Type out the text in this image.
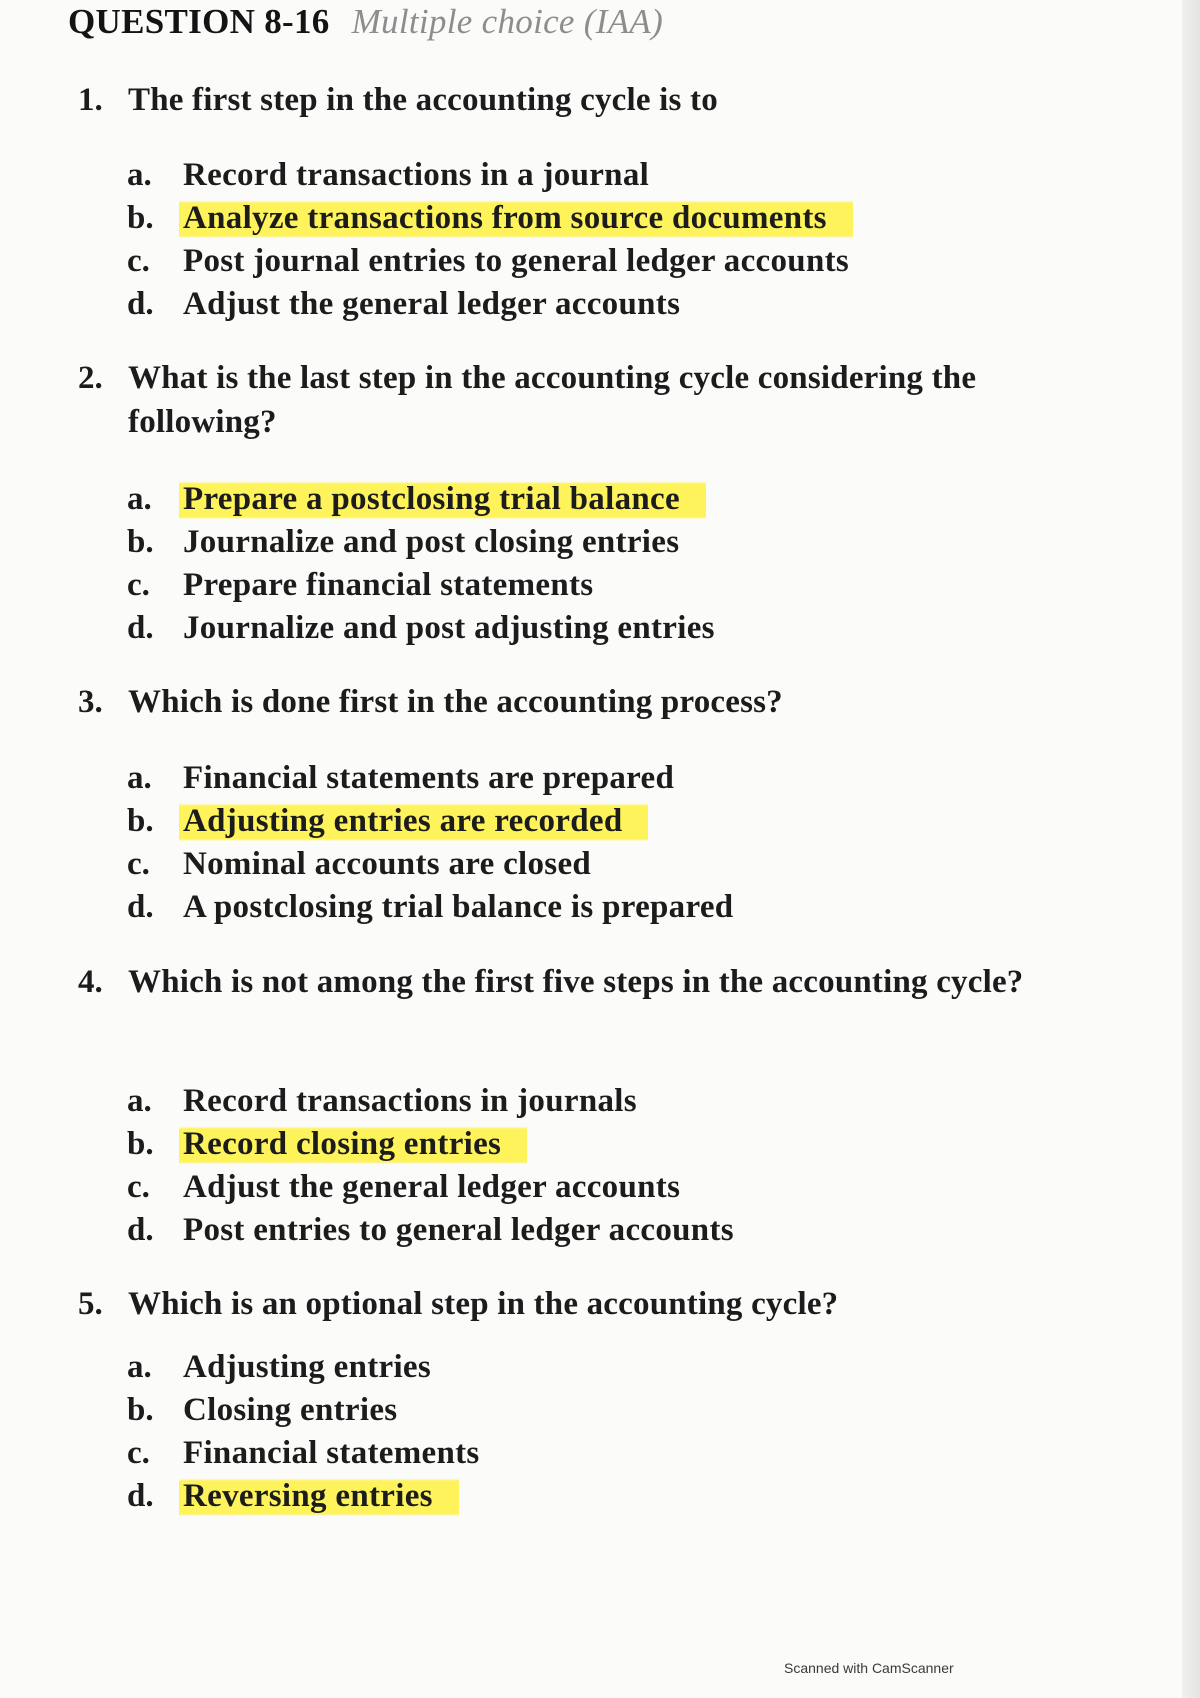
QUESTION 8-16 Multiple choice (IAA)
1. The first step in the accounting cycle is to
a. Record transactions in a journal
b. Analyze transactions from source documents
c. Post journal entries to general ledger accounts
d. Adjust the general ledger accounts
2. What is the last step in the accounting cycle considering the following?
a. Prepare a postclosing trial balance
b. Journalize and post closing entries
c. Prepare financial statements
d. Journalize and post adjusting entries
3. Which is done first in the accounting process?
a. Financial statements are prepared
b. Adjusting entries are recorded
c. Nominal accounts are closed
d. A postclosing trial balance is prepared
4. Which is not among the first five steps in the accounting cycle?
a. Record transactions in journals
b. Record closing entries
c. Adjust the general ledger accounts
d. Post entries to general ledger accounts
5. Which is an optional step in the accounting cycle?
a. Adjusting entries
b. Closing entries
c. Financial statements
d. Reversing entries
Scanned with CamScanner
